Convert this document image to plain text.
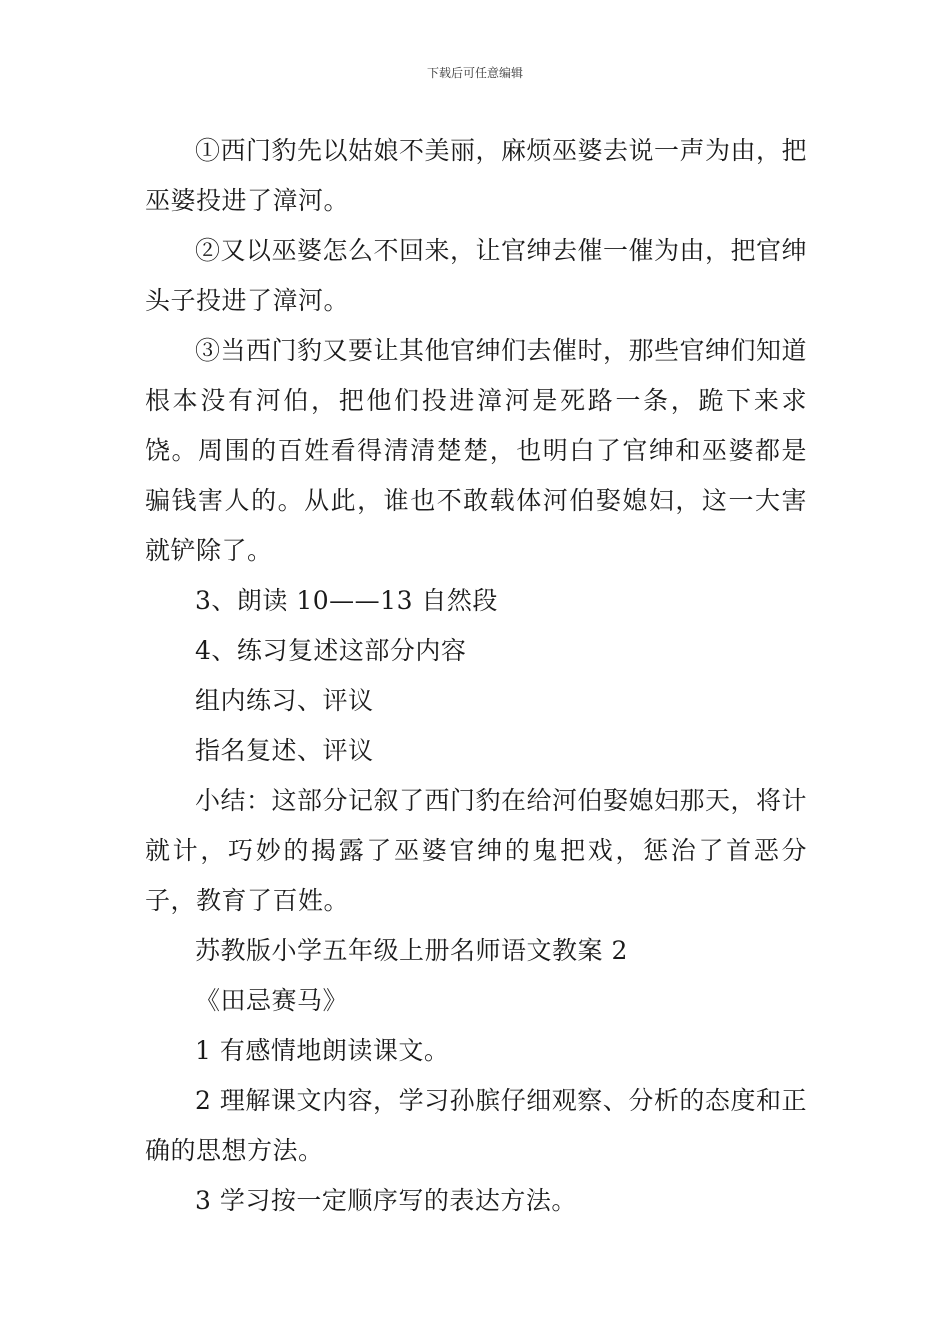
下载后可任意编辑

①西门豹先以姑娘不美丽，麻烦巫婆去说一声为由，把巫婆投进了漳河。

②又以巫婆怎么不回来，让官绅去催一催为由，把官绅头子投进了漳河。

③当西门豹又要让其他官绅们去催时，那些官绅们知道根本没有河伯，把他们投进漳河是死路一条，跪下来求饶。周围的百姓看得清清楚楚，也明白了官绅和巫婆都是骗钱害人的。从此，谁也不敢载体河伯娶媳妇，这一大害就铲除了。

3、朗读 10——13 自然段

4、练习复述这部分内容

组内练习、评议

指名复述、评议

小结：这部分记叙了西门豹在给河伯娶媳妇那天，将计就计，巧妙的揭露了巫婆官绅的鬼把戏，惩治了首恶分子，教育了百姓。

苏教版小学五年级上册名师语文教案 2

《田忌赛马》

1 有感情地朗读课文。

2 理解课文内容，学习孙膑仔细观察、分析的态度和正确的思想方法。

3 学习按一定顺序写的表达方法。
